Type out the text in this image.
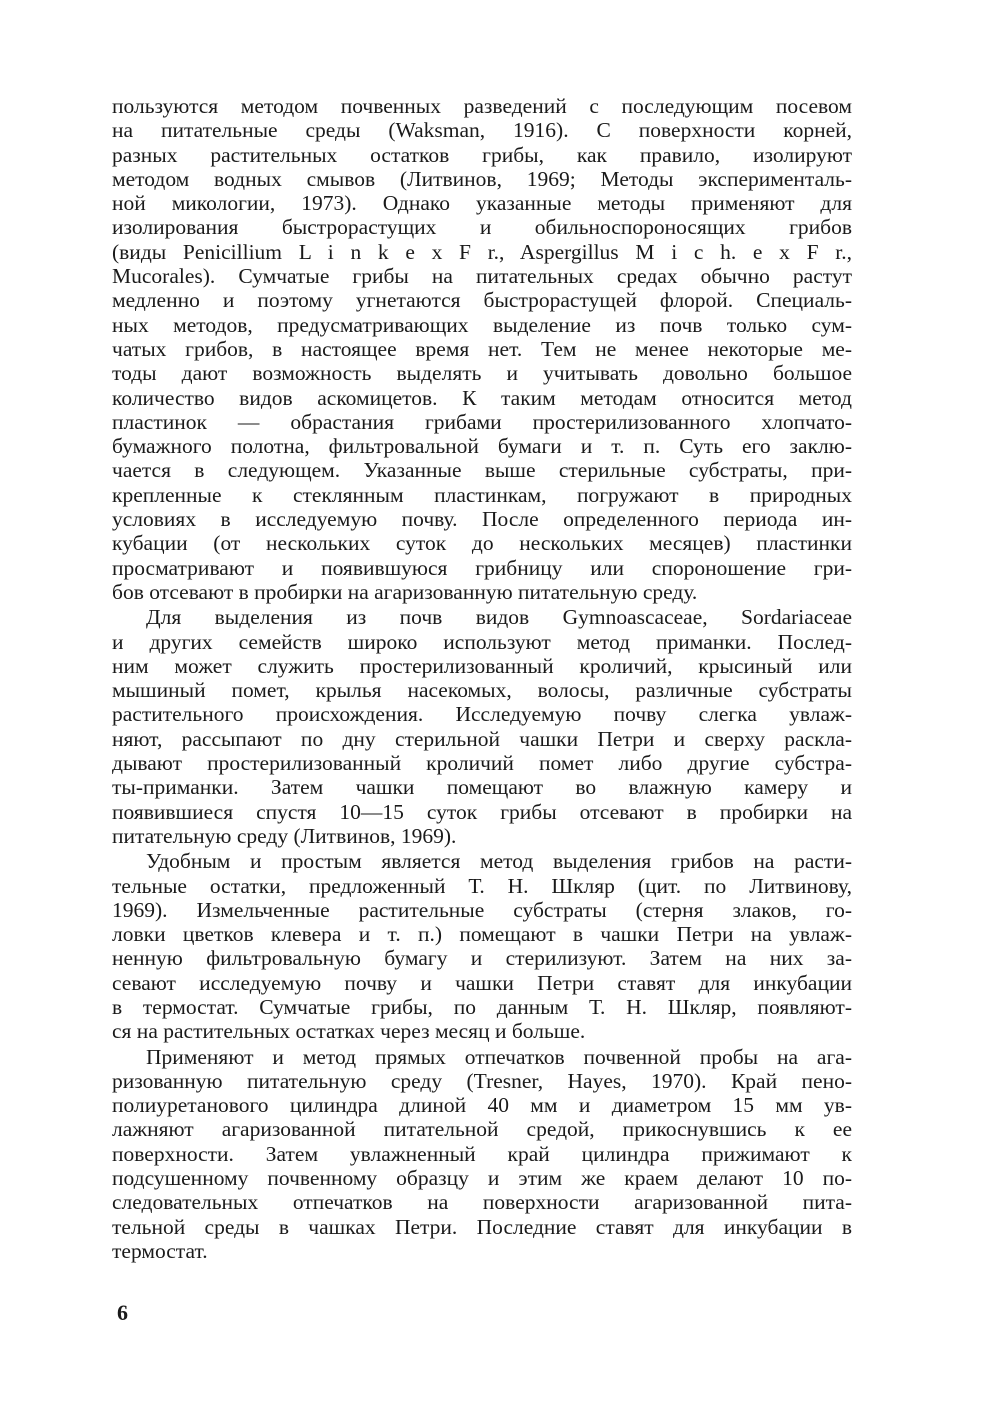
пользуются методом почвенных разведений с последующим посевом
на питательные среды (Waksman, 1916). С поверхности корней,
разных растительных остатков грибы, как правило, изолируют
методом водных смывов (Литвинов, 1969; Методы эксперименталь-
ной микологии, 1973). Однако указанные методы применяют для
изолирования быстрорастущих и обильноспороносящих грибов
(виды Penicillium L i n k e x F r., Aspergillus M i c h. e x F r.,
Mucorales). Сумчатые грибы на питательных средах обычно растут
медленно и поэтому угнетаются быстрорастущей флорой. Специаль-
ных методов, предусматривающих выделение из почв только сум-
чатых грибов, в настоящее время нет. Тем не менее некоторые ме-
тоды дают возможность выделять и учитывать довольно большое
количество видов аскомицетов. К таким методам относится метод
пластинок — обрастания грибами простерилизованного хлопчато-
бумажного полотна, фильтровальной бумаги и т. п. Суть его заклю-
чается в следующем. Указанные выше стерильные субстраты, при-
крепленные к стеклянным пластинкам, погружают в природных
условиях в исследуемую почву. После определенного периода ин-
кубации (от нескольких суток до нескольких месяцев) пластинки
просматривают и появившуюся грибницу или спороношение гри-
бов отсевают в пробирки на агаризованную питательную среду.
Для выделения из почв видов Gymnoascaceae, Sordariaceae
и других семейств широко используют метод приманки. Послед-
ним может служить простерилизованный кроличий, крысиный или
мышиный помет, крылья насекомых, волосы, различные субстраты
растительного происхождения. Исследуемую почву слегка увлаж-
няют, рассыпают по дну стерильной чашки Петри и сверху раскла-
дывают простерилизованный кроличий помет либо другие субстра-
ты-приманки. Затем чашки помещают во влажную камеру и
появившиеся спустя 10—15 суток грибы отсевают в пробирки на
питательную среду (Литвинов, 1969).
Удобным и простым является метод выделения грибов на расти-
тельные остатки, предложенный Т. Н. Шкляр (цит. по Литвинову,
1969). Измельченные растительные субстраты (стерня злаков, го-
ловки цветков клевера и т. п.) помещают в чашки Петри на увлаж-
ненную фильтровальную бумагу и стерилизуют. Затем на них за-
севают исследуемую почву и чашки Петри ставят для инкубации
в термостат. Сумчатые грибы, по данным Т. Н. Шкляр, появляют-
ся на растительных остатках через месяц и больше.
Применяют и метод прямых отпечатков почвенной пробы на ага-
ризованную питательную среду (Tresner, Hayes, 1970). Край пено-
полиуретанового цилиндра длиной 40 мм и диаметром 15 мм ув-
лажняют агаризованной питательной средой, прикоснувшись к ее
поверхности. Затем увлажненный край цилиндра прижимают к
подсушенному почвенному образцу и этим же краем делают 10 по-
следовательных отпечатков на поверхности агаризованной пита-
тельной среды в чашках Петри. Последние ставят для инкубации в
термостат.
6
